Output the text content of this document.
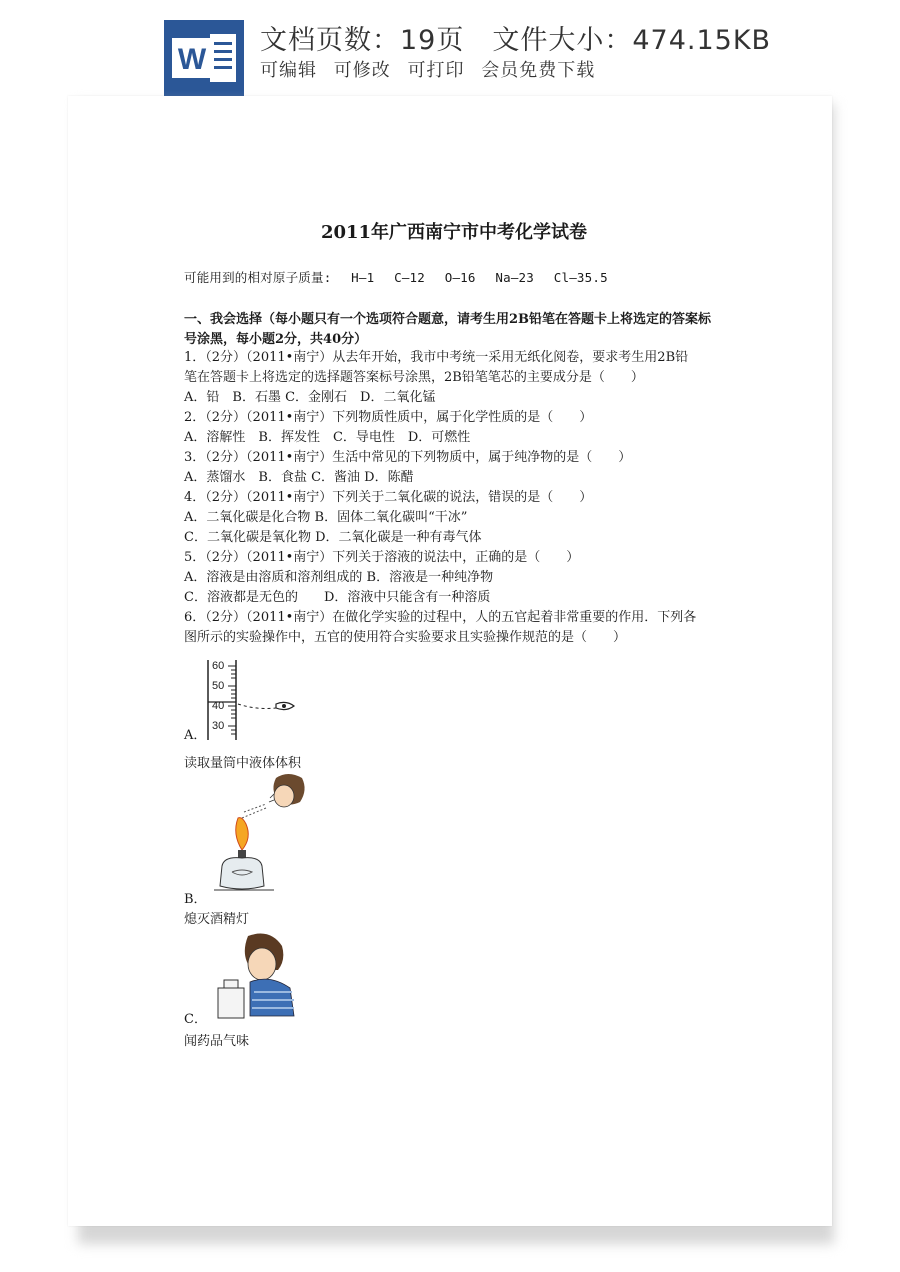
W
文档页数：19页 文件大小：474.15KB
可编辑 可修改 可打印 会员免费下载
2011年广西南宁市中考化学试卷
可能用到的相对原子质量: H—1 C—12 O—16 Na—23 Cl—35.5
一、我会选择（每小题只有一个选项符合题意，请考生用2B铅笔在答题卡上将选定的答案标号涂黑，每小题2分，共40分）
1．（2分）（2011•南宁）从去年开始，我市中考统一采用无纸化阅卷，要求考生用2B铅
笔在答题卡上将选定的选择题答案标号涂黑，2B铅笔笔芯的主要成分是（　　）
A．铅　B．石墨 C．金刚石　D．二氧化锰
2．（2分）（2011•南宁）下列物质性质中，属于化学性质的是（　　）
A．溶解性　B．挥发性　C．导电性　D．可燃性
3．（2分）（2011•南宁）生活中常见的下列物质中，属于纯净物的是（　　）
A．蒸馏水　B．食盐 C．酱油 D．陈醋
4．（2分）（2011•南宁）下列关于二氧化碳的说法，错误的是（　　）
A．二氧化碳是化合物 B．固体二氧化碳叫“干冰”
C．二氧化碳是氧化物 D．二氧化碳是一种有毒气体
5．（2分）（2011•南宁）下列关于溶液的说法中，正确的是（　　）
A．溶液是由溶质和溶剂组成的 B．溶液是一种纯净物
C．溶液都是无色的　　D．溶液中只能含有一种溶质
6．（2分）（2011•南宁）在做化学实验的过程中，人的五官起着非常重要的作用．下列各
图所示的实验操作中，五官的使用符合实验要求且实验操作规范的是（　　）
A．
60
50
40
30
读取量筒中液体体积
B．
熄灭酒精灯
C．
闻药品气味
